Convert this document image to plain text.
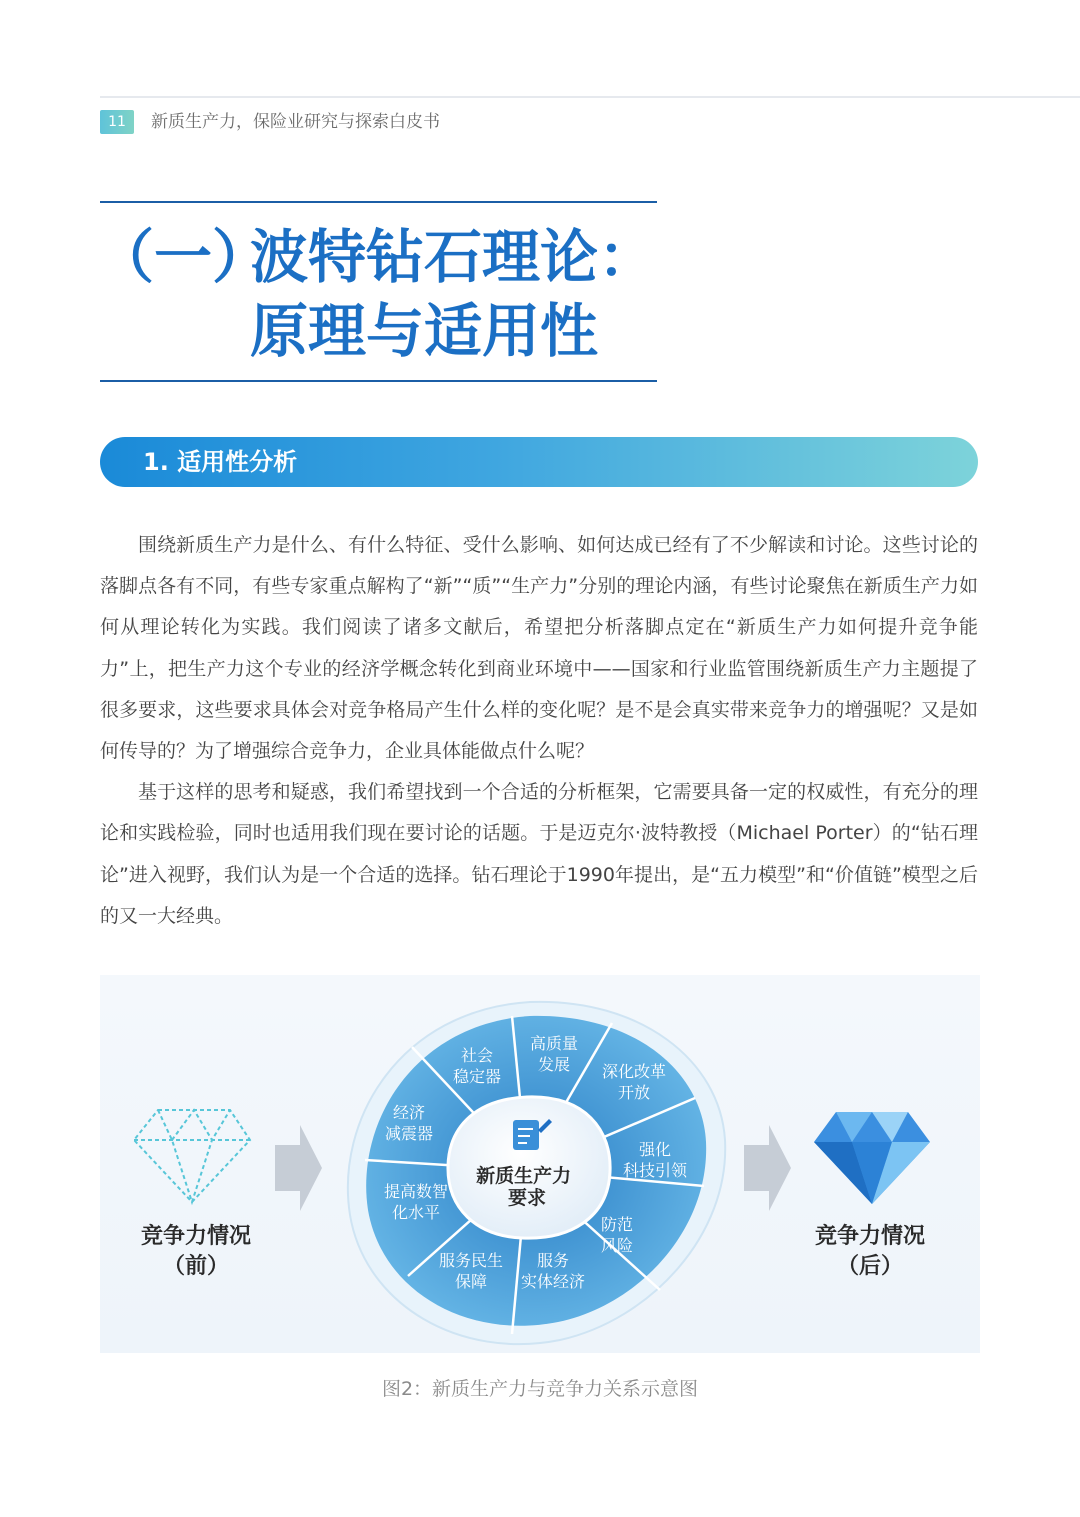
11	新质生产力，保险业研究与探索白皮书
（一）
波特钻石理论：
原理与适用性
1. 适用性分析

围绕新质生产力是什么、有什么特征、受什么影响、如何达成已经有了不少解读和讨论。这些讨论的落脚点各有不同，有些专家重点解构了“新”“质”“生产力”分别的理论内涵，有些讨论聚焦在新质生产力如何从理论转化为实践。我们阅读了诸多文献后，希望把分析落脚点定在“新质生产力如何提升竞争能力”上，把生产力这个专业的经济学概念转化到商业环境中——国家和行业监管围绕新质生产力主题提了很多要求，这些要求具体会对竞争格局产生什么样的变化呢？是不是会真实带来竞争力的增强呢？又是如何传导的？为了增强综合竞争力，企业具体能做点什么呢？

基于这样的思考和疑惑，我们希望找到一个合适的分析框架，它需要具备一定的权威性，有充分的理论和实践检验，同时也适用我们现在要讨论的话题。于是迈克尔·波特教授（Michael Porter）的“钻石理论”进入视野，我们认为是一个合适的选择。钻石理论于1990年提出，是“五力模型”和“价值链”模型之后的又一大经典。

新质生产力 要求
高质量发展	深化改革开放
强化科技引领
防范风险
服务实体经济
服务民生保障
提高数智化水平
经济减震器
社会稳定器
竞争力情况
（前）
竞争力情况
（后）
图2：新质生产力与竞争力关系示意图
